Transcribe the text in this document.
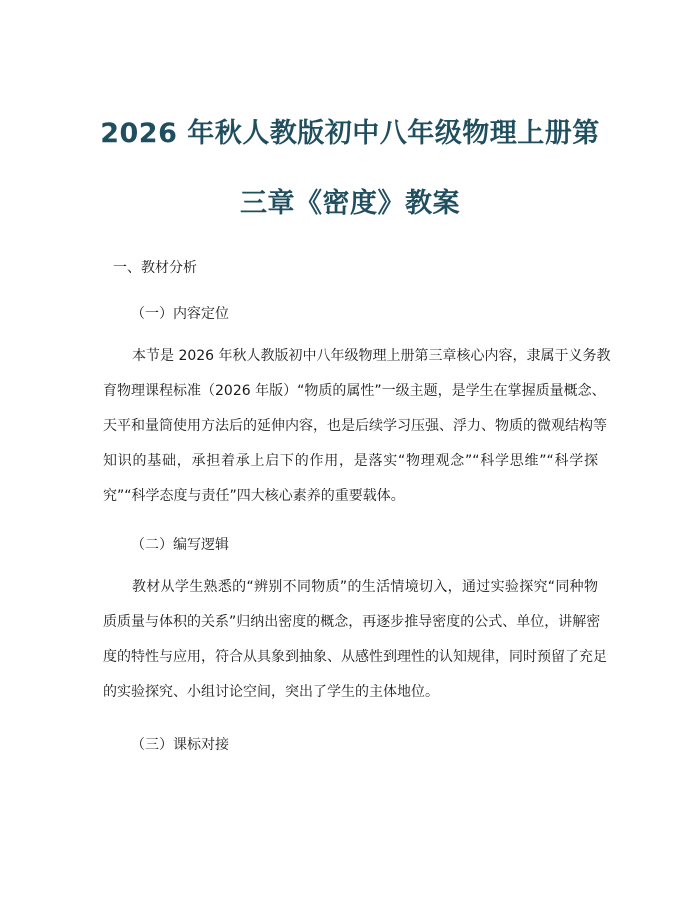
2026 年秋人教版初中八年级物理上册第
三章《密度》教案
一、教材分析
（一）内容定位
本节是 2026 年秋人教版初中八年级物理上册第三章核心内容，隶属于义务教
育物理课程标准（2026 年版）“物质的属性”一级主题，是学生在掌握质量概念、
天平和量筒使用方法后的延伸内容，也是后续学习压强、浮力、物质的微观结构等
知识的基础，承担着承上启下的作用，是落实“物理观念”“科学思维”“科学探
究”“科学态度与责任”四大核心素养的重要载体。
（二）编写逻辑
教材从学生熟悉的“辨别不同物质”的生活情境切入，通过实验探究“同种物
质质量与体积的关系”归纳出密度的概念，再逐步推导密度的公式、单位，讲解密
度的特性与应用，符合从具象到抽象、从感性到理性的认知规律，同时预留了充足
的实验探究、小组讨论空间，突出了学生的主体地位。
（三）课标对接
